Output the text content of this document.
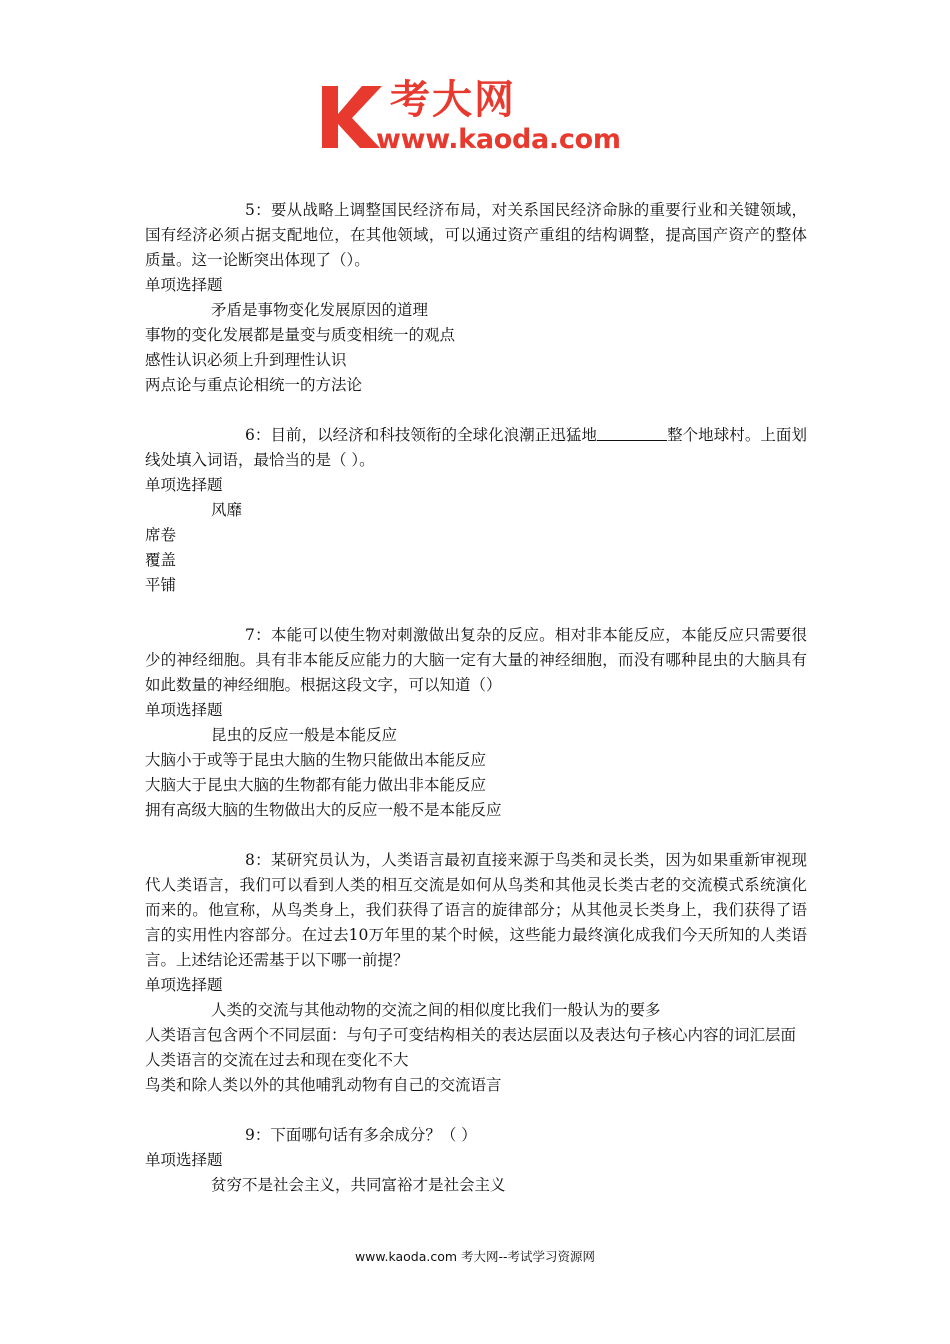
考大网
www.kaoda.com
5：要从战略上调整国民经济布局，对关系国民经济命脉的重要行业和关键领域，国有经济必须占据支配地位，在其他领域，可以通过资产重组的结构调整，提高国产资产的整体质量。这一论断突出体现了（）。
单项选择题
矛盾是事物变化发展原因的道理
事物的变化发展都是量变与质变相统一的观点
感性认识必须上升到理性认识
两点论与重点论相统一的方法论
6：目前，以经济和科技领衔的全球化浪潮正迅猛地	整个地球村。上面划线处填入词语，最恰当的是（ ）。
单项选择题
风靡
席卷
覆盖
平铺
7：本能可以使生物对刺激做出复杂的反应。相对非本能反应，本能反应只需要很少的神经细胞。具有非本能反应能力的大脑一定有大量的神经细胞，而没有哪种昆虫的大脑具有如此数量的神经细胞。根据这段文字，可以知道（）
单项选择题
昆虫的反应一般是本能反应
大脑小于或等于昆虫大脑的生物只能做出本能反应
大脑大于昆虫大脑的生物都有能力做出非本能反应
拥有高级大脑的生物做出大的反应一般不是本能反应
8：某研究员认为，人类语言最初直接来源于鸟类和灵长类，因为如果重新审视现代人类语言，我们可以看到人类的相互交流是如何从鸟类和其他灵长类古老的交流模式系统演化而来的。他宣称，从鸟类身上，我们获得了语言的旋律部分；从其他灵长类身上，我们获得了语言的实用性内容部分。在过去10万年里的某个时候，这些能力最终演化成我们今天所知的人类语言。上述结论还需基于以下哪一前提？
单项选择题
人类的交流与其他动物的交流之间的相似度比我们一般认为的要多
人类语言包含两个不同层面：与句子可变结构相关的表达层面以及表达句子核心内容的词汇层面
人类语言的交流在过去和现在变化不大
鸟类和除人类以外的其他哺乳动物有自己的交流语言
9：下面哪句话有多余成分？（ ）
单项选择题
贫穷不是社会主义，共同富裕才是社会主义
www.kaoda.com 考大网--考试学习资源网
